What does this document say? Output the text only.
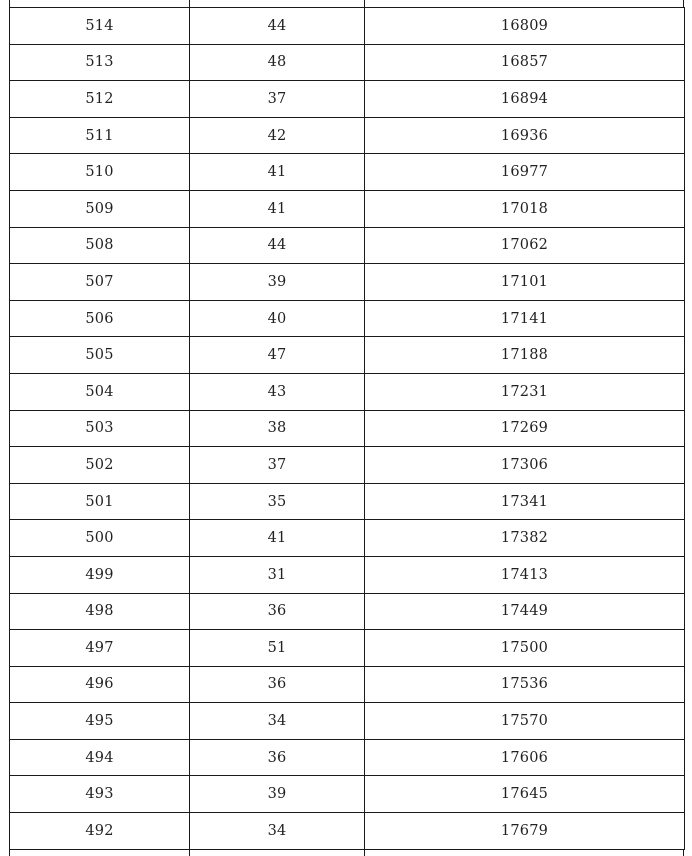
514	44	16809
513	48	16857
512	37	16894
511	42	16936
510	41	16977
509	41	17018
508	44	17062
507	39	17101
506	40	17141
505	47	17188
504	43	17231
503	38	17269
502	37	17306
501	35	17341
500	41	17382
499	31	17413
498	36	17449
497	51	17500
496	36	17536
495	34	17570
494	36	17606
493	39	17645
492	34	17679
